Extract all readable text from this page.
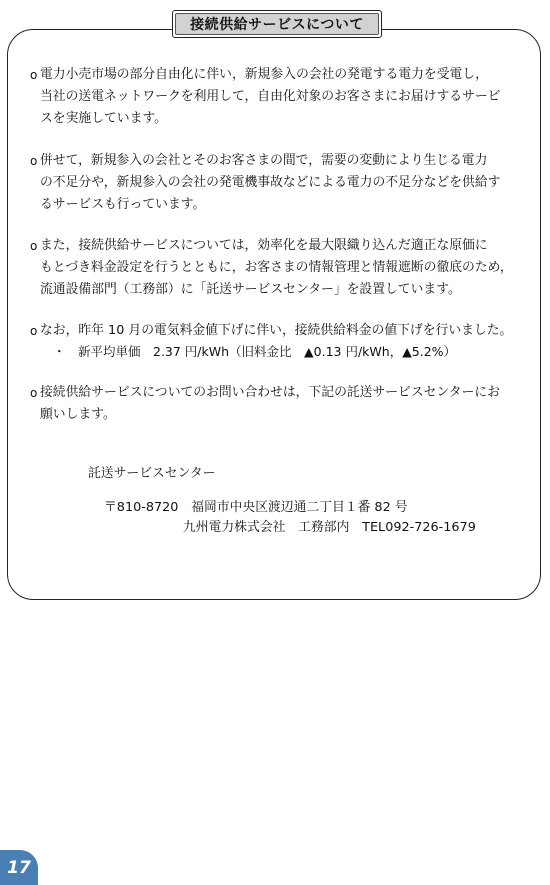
接続供給サービスについて
o 電力小売市場の部分自由化に伴い，新規参入の会社の発電する電力を受電し，
当社の送電ネットワークを利用して，自由化対象のお客さまにお届けするサービ
スを実施しています。

o 併せて，新規参入の会社とそのお客さまの間で，需要の変動により生じる電力
の不足分や，新規参入の会社の発電機事故などによる電力の不足分などを供給す
るサービスも行っています。

o また，接続供給サービスについては，効率化を最大限織り込んだ適正な原価に
もとづき料金設定を行うとともに，お客さまの情報管理と情報遮断の徹底のため，
流通設備部門（工務部）に「託送サービスセンター」を設置しています。

o なお，昨年 10 月の電気料金値下げに伴い，接続供給料金の値下げを行いました。

・　新平均単価　2.37 円/kWh（旧料金比　▲0.13 円/kWh，▲5.2%）
o 接続供給サービスについてのお問い合わせは，下記の託送サービスセンターにお
願いします。

託送サービスセンター
〒810-8720　福岡市中央区渡辺通二丁目１番 82 号
九州電力株式会社　工務部内　TEL092-726-1679
17
